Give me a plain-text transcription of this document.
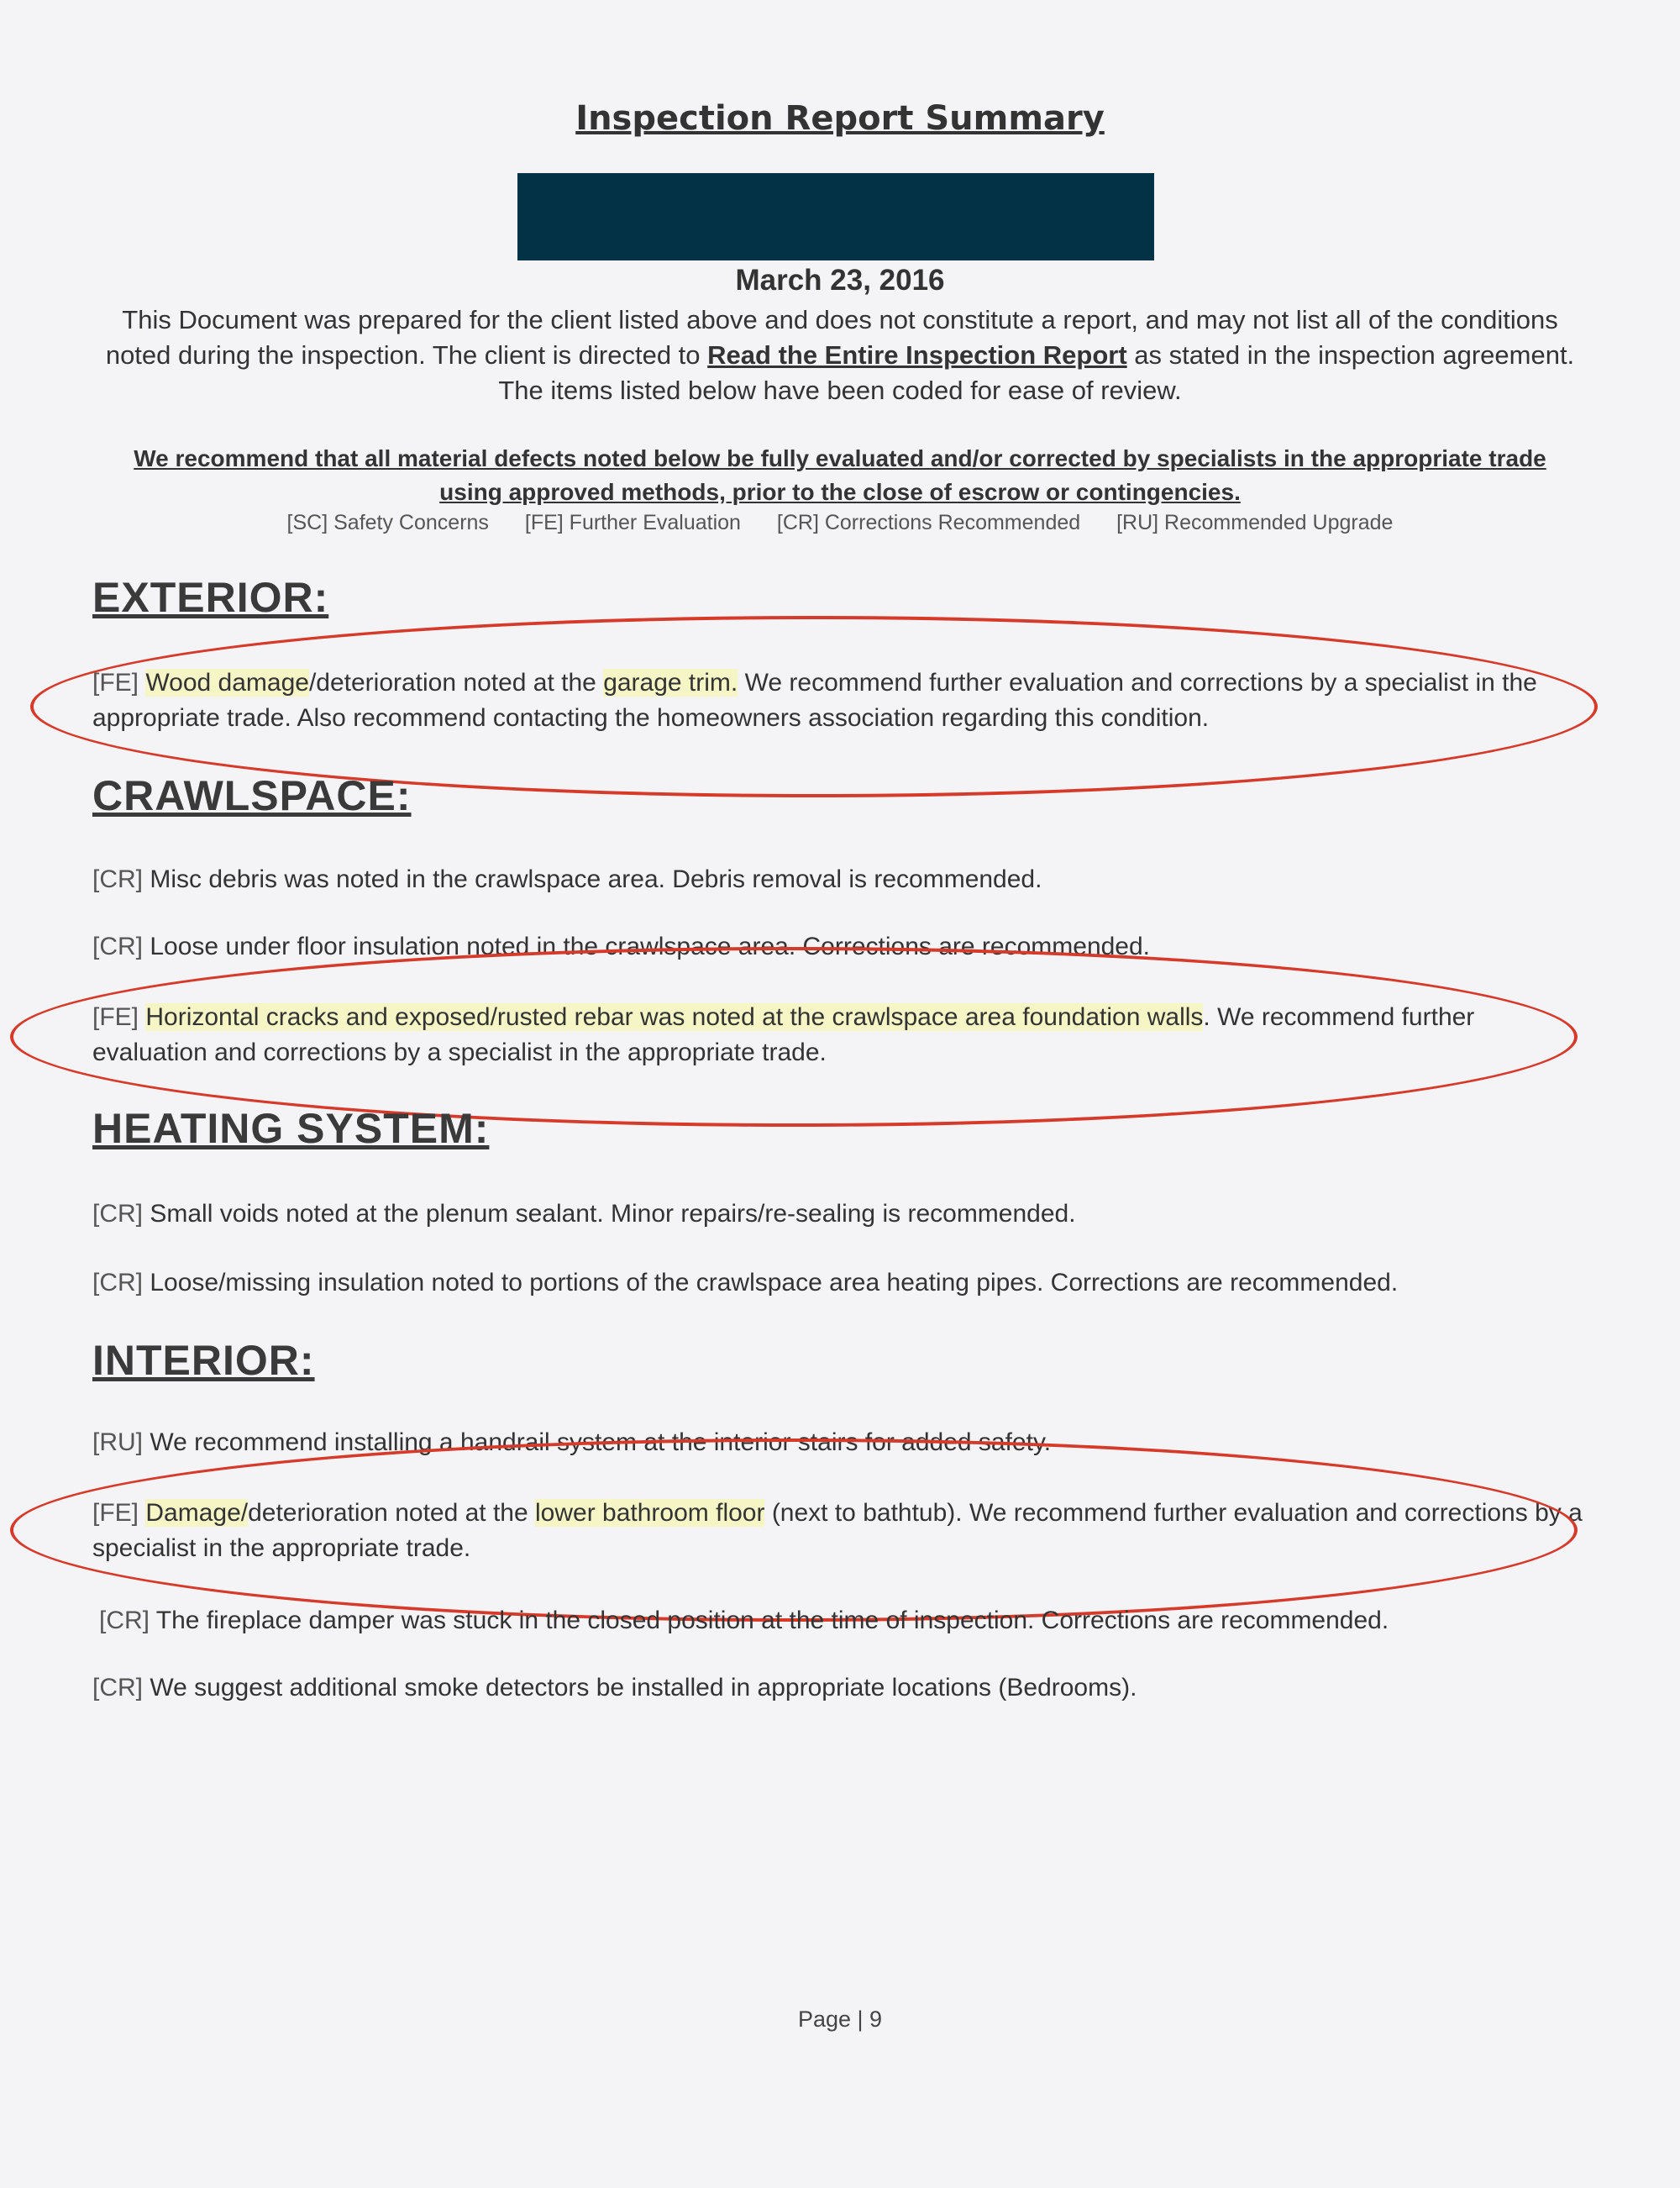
Inspection Report Summary
March 23, 2016
This Document was prepared for the client listed above and does not constitute a report, and may not list all of the conditions noted during the inspection. The client is directed to Read the Entire Inspection Report as stated in the inspection agreement. The items listed below have been coded for ease of review.
We recommend that all material defects noted below be fully evaluated and/or corrected by specialists in the appropriate trade using approved methods, prior to the close of escrow or contingencies.
[SC] Safety Concerns [FE] Further Evaluation [CR] Corrections Recommended [RU] Recommended Upgrade
EXTERIOR:
[FE] Wood damage/deterioration noted at the garage trim. We recommend further evaluation and corrections by a specialist in the appropriate trade. Also recommend contacting the homeowners association regarding this condition.
CRAWLSPACE:
[CR] Misc debris was noted in the crawlspace area. Debris removal is recommended.
[CR] Loose under floor insulation noted in the crawlspace area. Corrections are recommended.
[FE] Horizontal cracks and exposed/rusted rebar was noted at the crawlspace area foundation walls. We recommend further evaluation and corrections by a specialist in the appropriate trade.
HEATING SYSTEM:
[CR] Small voids noted at the plenum sealant. Minor repairs/re-sealing is recommended.
[CR] Loose/missing insulation noted to portions of the crawlspace area heating pipes. Corrections are recommended.
INTERIOR:
[RU] We recommend installing a handrail system at the interior stairs for added safety.
[FE] Damage/deterioration noted at the lower bathroom floor (next to bathtub). We recommend further evaluation and corrections by a specialist in the appropriate trade.
[CR] The fireplace damper was stuck in the closed position at the time of inspection. Corrections are recommended.
[CR] We suggest additional smoke detectors be installed in appropriate locations (Bedrooms).
Page | 9
